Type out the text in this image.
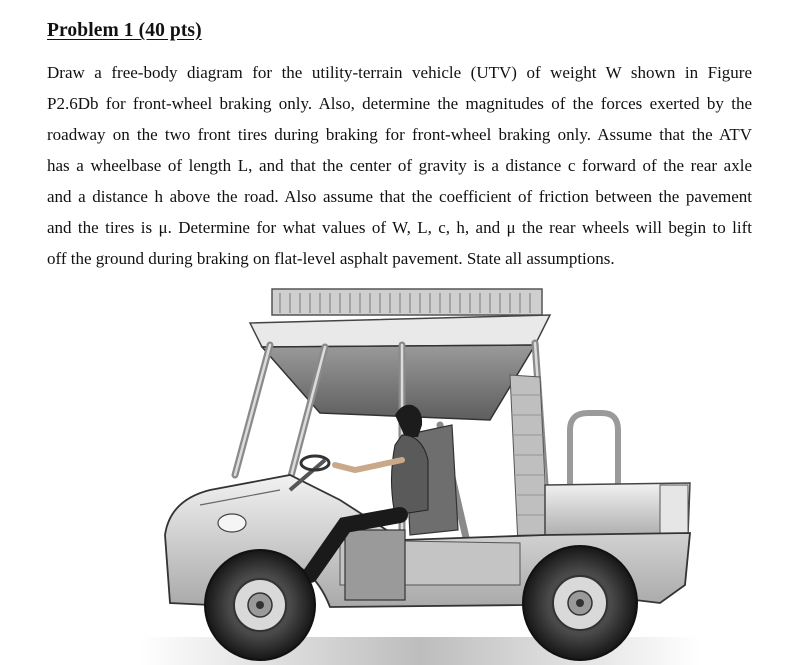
Problem 1 (40 pts)
Draw a free-body diagram for the utility-terrain vehicle (UTV) of weight W shown in Figure
P2.6Db for front-wheel braking only. Also, determine the magnitudes of the forces exerted by the
roadway on the two front tires during braking for front-wheel braking only. Assume that the ATV
has a wheelbase of length L, and that the center of gravity is a distance c forward of the rear axle
and a distance h above the road. Also assume that the coefficient of friction between the pavement
and the tires is μ. Determine for what values of W, L, c, h, and μ the rear wheels will begin to lift
off the ground during braking on flat-level asphalt pavement. State all assumptions.
